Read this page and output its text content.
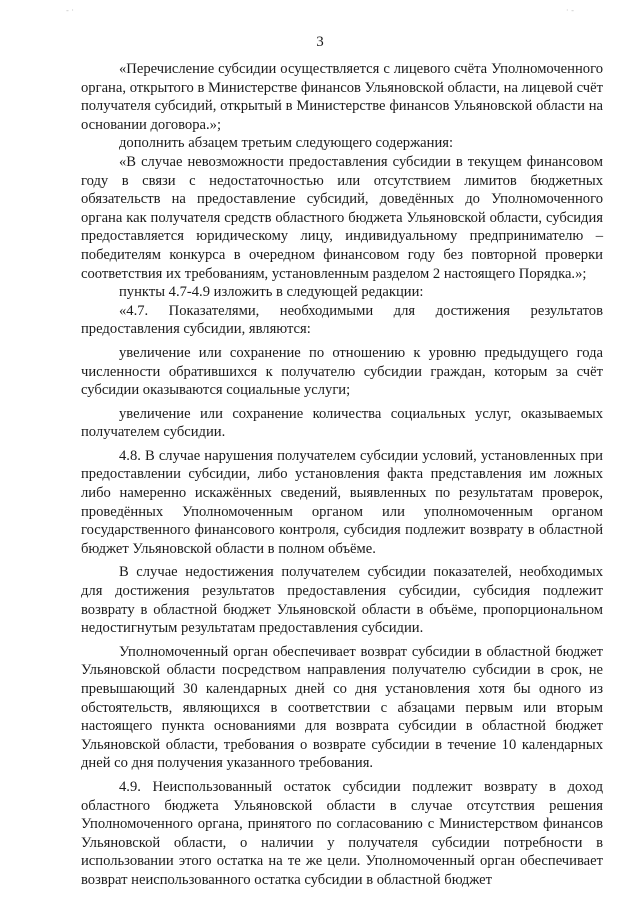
- ·	· -
3

«Перечисление субсидии осуществляется с лицевого счёта Уполномоченного органа, открытого в Министерстве финансов Ульяновской области, на лицевой счёт получателя субсидий, открытый в Министерстве финансов Ульяновской области на основании договора.»;

дополнить абзацем третьим следующего содержания:

«В случае невозможности предоставления субсидии в текущем финансовом году в связи с недостаточностью или отсутствием лимитов бюджетных обязательств на предоставление субсидий, доведённых до Уполномоченного органа как получателя средств областного бюджета Ульяновской области, субсидия предоставляется юридическому лицу, индивидуальному предпринимателю – победителям конкурса в очередном финансовом году без повторной проверки соответствия их требованиям, установленным разделом 2 настоящего Порядка.»;

пункты 4.7-4.9 изложить в следующей редакции:

«4.7. Показателями, необходимыми для достижения результатов предоставления субсидии, являются:

увеличение или сохранение по отношению к уровню предыдущего года численности обратившихся к получателю субсидии граждан, которым за счёт субсидии оказываются социальные услуги;

увеличение или сохранение количества социальных услуг, оказываемых получателем субсидии.

4.8. В случае нарушения получателем субсидии условий, установленных при предоставлении субсидии, либо установления факта представления им ложных либо намеренно искажённых сведений, выявленных по результатам проверок, проведённых Уполномоченным органом или уполномоченным органом государственного финансового контроля, субсидия подлежит возврату в областной бюджет Ульяновской области в полном объёме.

В случае недостижения получателем субсидии показателей, необходимых для достижения результатов предоставления субсидии, субсидия подлежит возврату в областной бюджет Ульяновской области в объёме, пропорциональном недостигнутым результатам предоставления субсидии.

Уполномоченный орган обеспечивает возврат субсидии в областной бюджет Ульяновской области посредством направления получателю субсидии в срок, не превышающий 30 календарных дней со дня установления хотя бы одного из обстоятельств, являющихся в соответствии с абзацами первым или вторым настоящего пункта основаниями для возврата субсидии в областной бюджет Ульяновской области, требования о возврате субсидии в течение 10 календарных дней со дня получения указанного требования.

4.9. Неиспользованный остаток субсидии подлежит возврату в доход областного бюджета Ульяновской области в случае отсутствия решения Уполномоченного органа, принятого по согласованию с Министерством финансов Ульяновской области, о наличии у получателя субсидии потребности в использовании этого остатка на те же цели. Уполномоченный орган обеспечивает возврат неиспользованного остатка субсидии в областной бюджет
